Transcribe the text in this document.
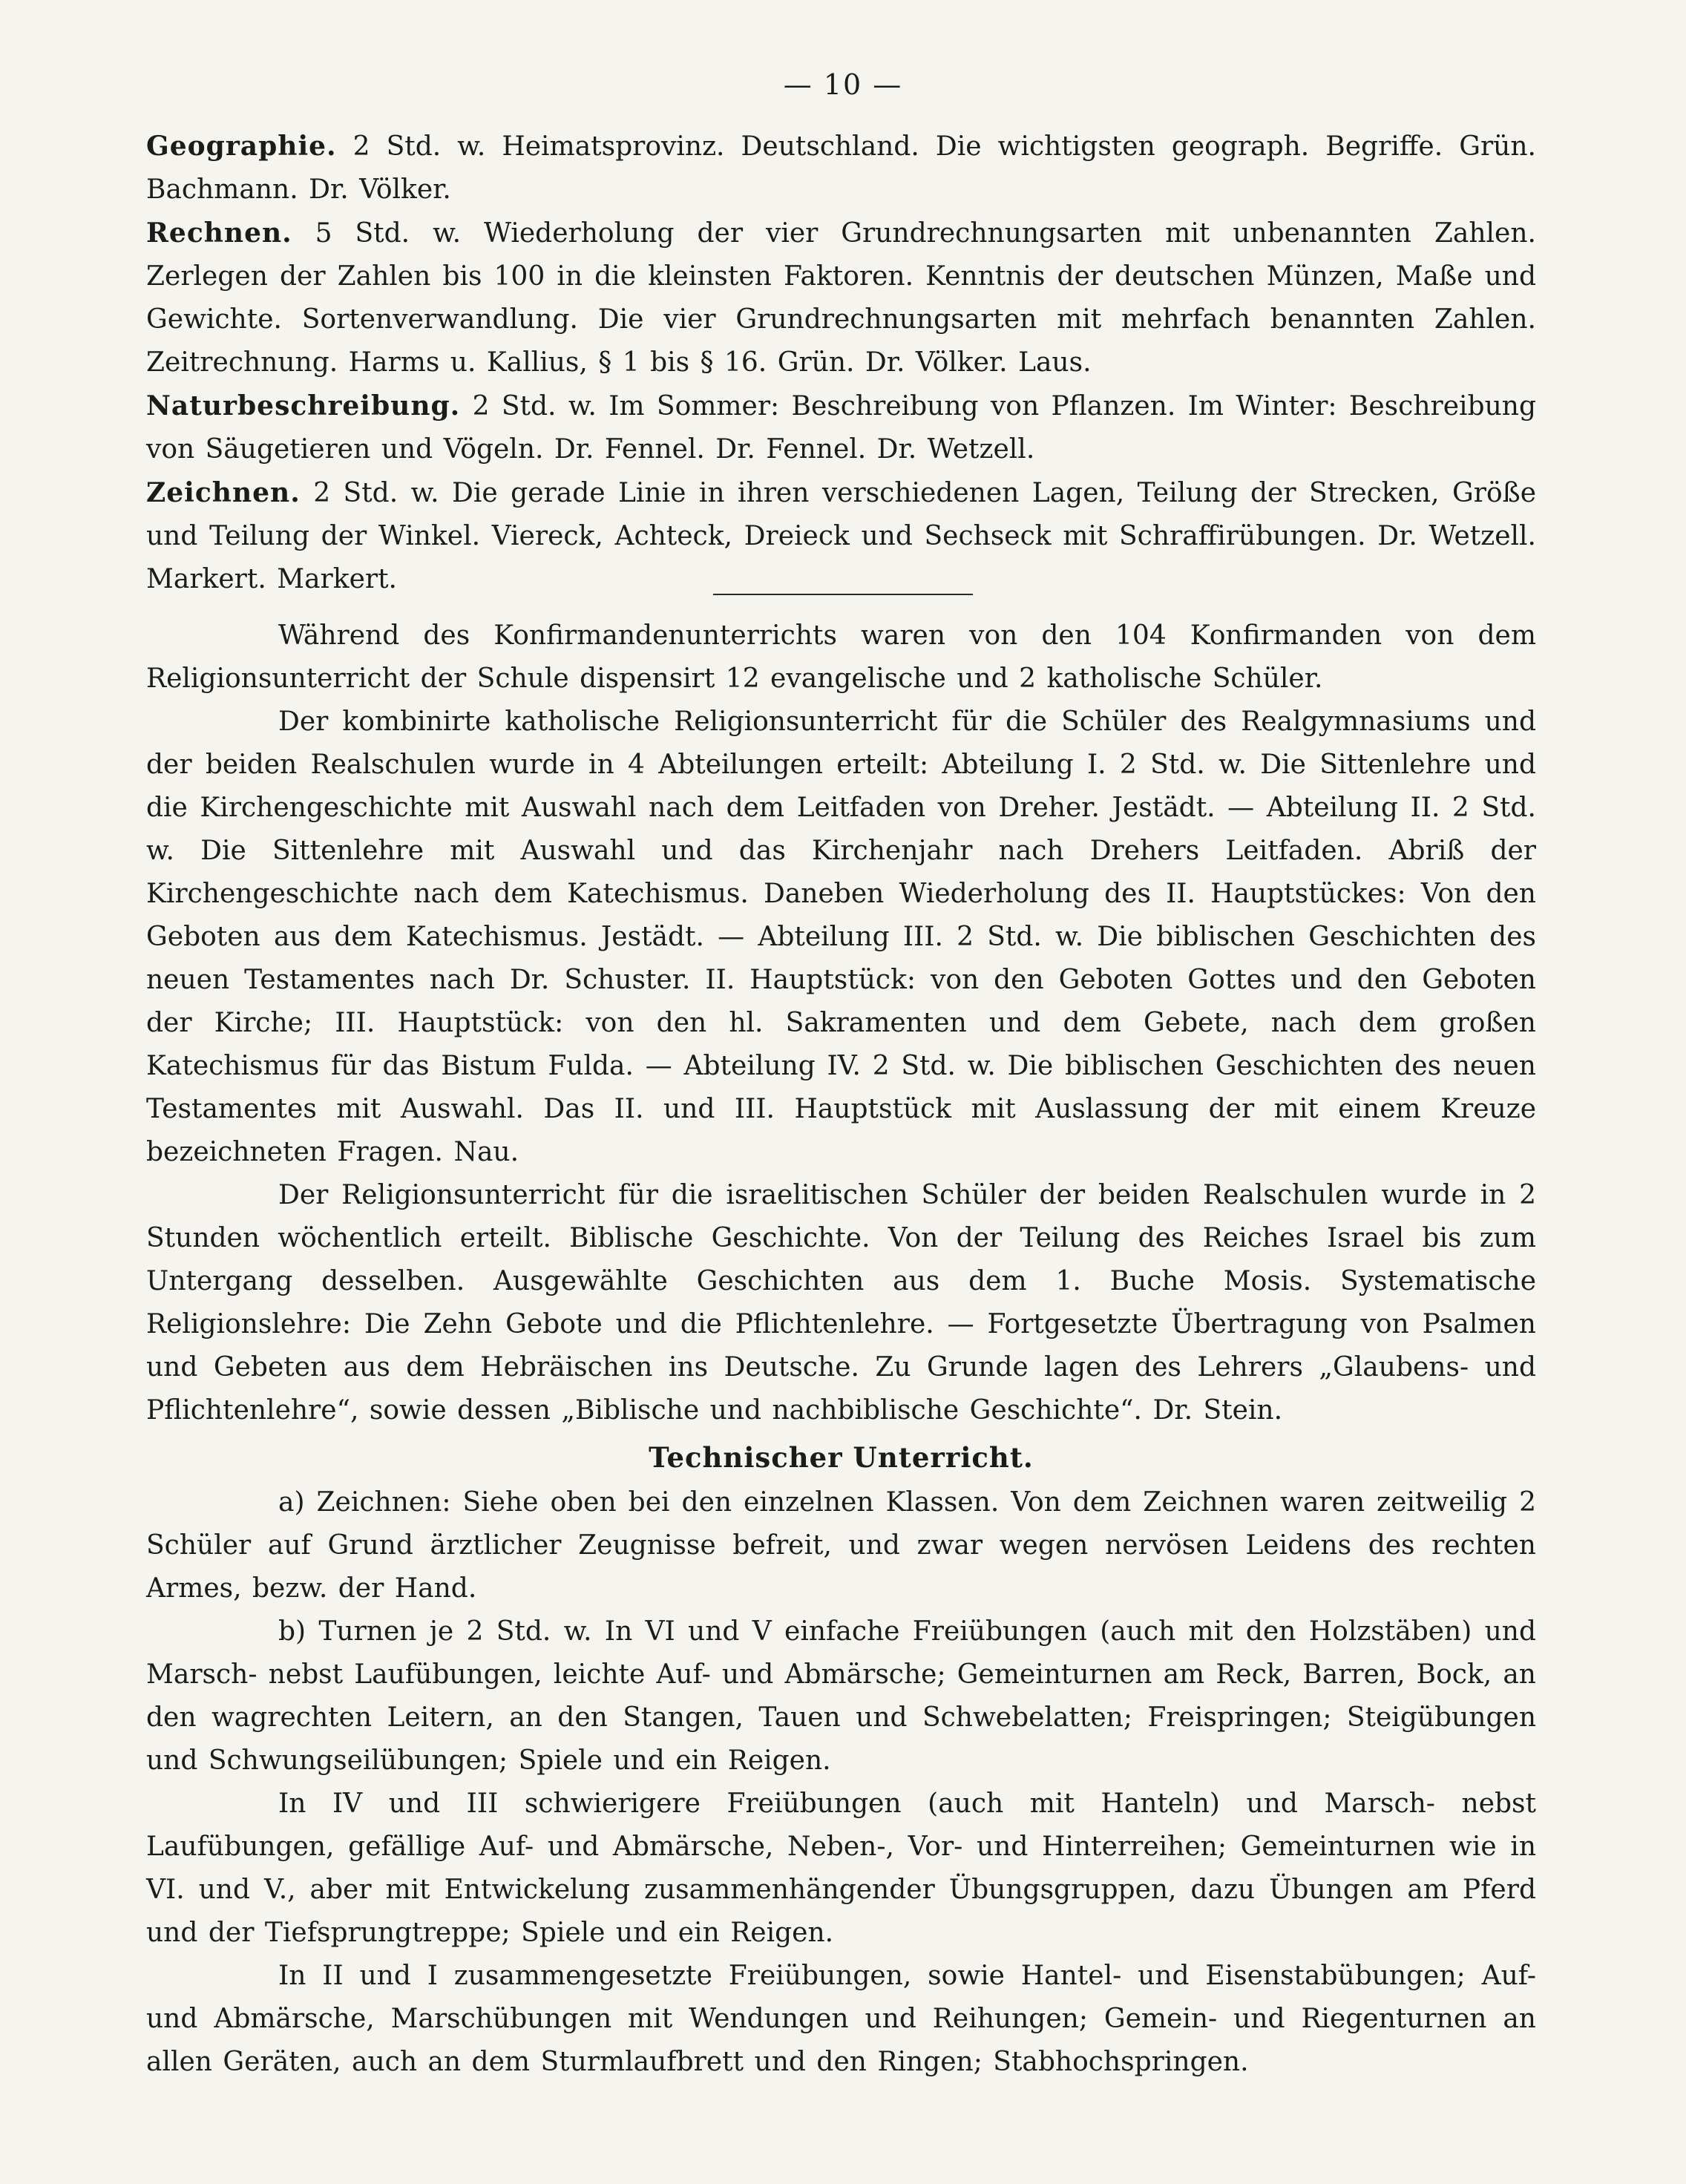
— 10 —

Geographie. 2 Std. w. Heimatsprovinz. Deutschland. Die wichtigsten geograph. Begriffe. Grün. Bachmann. Dr. Völker.

Rechnen. 5 Std. w. Wiederholung der vier Grundrechnungsarten mit unbenannten Zahlen. Zerlegen der Zahlen bis 100 in die kleinsten Faktoren. Kenntnis der deutschen Münzen, Maße und Gewichte. Sortenverwandlung. Die vier Grundrechnungsarten mit mehrfach benannten Zahlen. Zeitrechnung. Harms u. Kallius, § 1 bis § 16. Grün. Dr. Völker. Laus.

Naturbeschreibung. 2 Std. w. Im Sommer: Beschreibung von Pflanzen. Im Winter: Beschreibung von Säugetieren und Vögeln. Dr. Fennel. Dr. Fennel. Dr. Wetzell.

Zeichnen. 2 Std. w. Die gerade Linie in ihren verschiedenen Lagen, Teilung der Strecken, Größe und Teilung der Winkel. Viereck, Achteck, Dreieck und Sechseck mit Schraffirübungen. Dr. Wetzell. Markert. Markert.

Während des Konfirmandenunterrichts waren von den 104 Konfirmanden von dem Religionsunterricht der Schule dispensirt 12 evangelische und 2 katholische Schüler.

Der kombinirte katholische Religionsunterricht für die Schüler des Realgymnasiums und der beiden Realschulen wurde in 4 Abteilungen erteilt: Abteilung I. 2 Std. w. Die Sittenlehre und die Kirchengeschichte mit Auswahl nach dem Leitfaden von Dreher. Jestädt. — Abteilung II. 2 Std. w. Die Sittenlehre mit Auswahl und das Kirchenjahr nach Drehers Leitfaden. Abriß der Kirchengeschichte nach dem Katechismus. Daneben Wiederholung des II. Hauptstückes: Von den Geboten aus dem Katechismus. Jestädt. — Abteilung III. 2 Std. w. Die biblischen Geschichten des neuen Testamentes nach Dr. Schuster. II. Hauptstück: von den Geboten Gottes und den Geboten der Kirche; III. Hauptstück: von den hl. Sakramenten und dem Gebete, nach dem großen Katechismus für das Bistum Fulda. — Abteilung IV. 2 Std. w. Die biblischen Geschichten des neuen Testamentes mit Auswahl. Das II. und III. Hauptstück mit Auslassung der mit einem Kreuze bezeichneten Fragen. Nau.

Der Religionsunterricht für die israelitischen Schüler der beiden Realschulen wurde in 2 Stunden wöchentlich erteilt. Biblische Geschichte. Von der Teilung des Reiches Israel bis zum Untergang desselben. Ausgewählte Geschichten aus dem 1. Buche Mosis. Systematische Religionslehre: Die Zehn Gebote und die Pflichtenlehre. — Fortgesetzte Übertragung von Psalmen und Gebeten aus dem Hebräischen ins Deutsche. Zu Grunde lagen des Lehrers „Glaubens- und Pflichtenlehre“, sowie dessen „Biblische und nachbiblische Geschichte“. Dr. Stein.

Technischer Unterricht.

a) Zeichnen: Siehe oben bei den einzelnen Klassen. Von dem Zeichnen waren zeitweilig 2 Schüler auf Grund ärztlicher Zeugnisse befreit, und zwar wegen nervösen Leidens des rechten Armes, bezw. der Hand.

b) Turnen je 2 Std. w. In VI und V einfache Freiübungen (auch mit den Holzstäben) und Marsch- nebst Laufübungen, leichte Auf- und Abmärsche; Gemeinturnen am Reck, Barren, Bock, an den wagrechten Leitern, an den Stangen, Tauen und Schwebelatten; Freispringen; Steigübungen und Schwungseilübungen; Spiele und ein Reigen.

In IV und III schwierigere Freiübungen (auch mit Hanteln) und Marsch- nebst Laufübungen, gefällige Auf- und Abmärsche, Neben-, Vor- und Hinterreihen; Gemeinturnen wie in VI. und V., aber mit Entwickelung zusammenhängender Übungsgruppen, dazu Übungen am Pferd und der Tiefsprungtreppe; Spiele und ein Reigen.

In II und I zusammengesetzte Freiübungen, sowie Hantel- und Eisenstabübungen; Auf- und Abmärsche, Marschübungen mit Wendungen und Reihungen; Gemein- und Riegenturnen an allen Geräten, auch an dem Sturmlaufbrett und den Ringen; Stabhochspringen.
